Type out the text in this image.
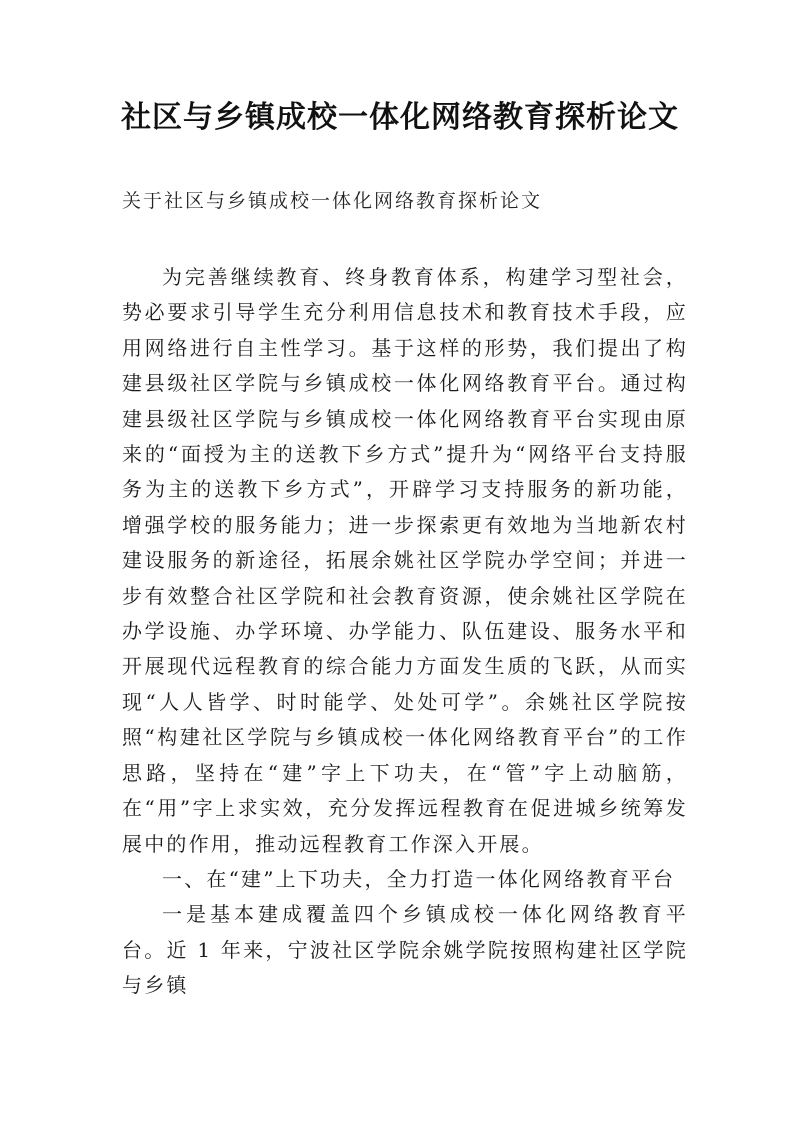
社区与乡镇成校一体化网络教育探析论文

关于社区与乡镇成校一体化网络教育探析论文

为完善继续教育、终身教育体系，构建学习型社会，势必要求引导学生充分利用信息技术和教育技术手段，应用网络进行自主性学习。基于这样的形势，我们提出了构建县级社区学院与乡镇成校一体化网络教育平台。通过构建县级社区学院与乡镇成校一体化网络教育平台实现由原来的“面授为主的送教下乡方式”提升为“网络平台支持服务为主的送教下乡方式”，开辟学习支持服务的新功能，增强学校的服务能力；进一步探索更有效地为当地新农村建设服务的新途径，拓展余姚社区学院办学空间；并进一步有效整合社区学院和社会教育资源，使余姚社区学院在办学设施、办学环境、办学能力、队伍建设、服务水平和开展现代远程教育的综合能力方面发生质的飞跃，从而实现“人人皆学、时时能学、处处可学”。余姚社区学院按照“构建社区学院与乡镇成校一体化网络教育平台”的工作思路，坚持在“建”字上下功夫，在“管”字上动脑筋，在“用”字上求实效，充分发挥远程教育在促进城乡统筹发展中的作用，推动远程教育工作深入开展。

一、在“建”上下功夫，全力打造一体化网络教育平台

一是基本建成覆盖四个乡镇成校一体化网络教育平台。近 1 年来，宁波社区学院余姚学院按照构建社区学院与乡镇
